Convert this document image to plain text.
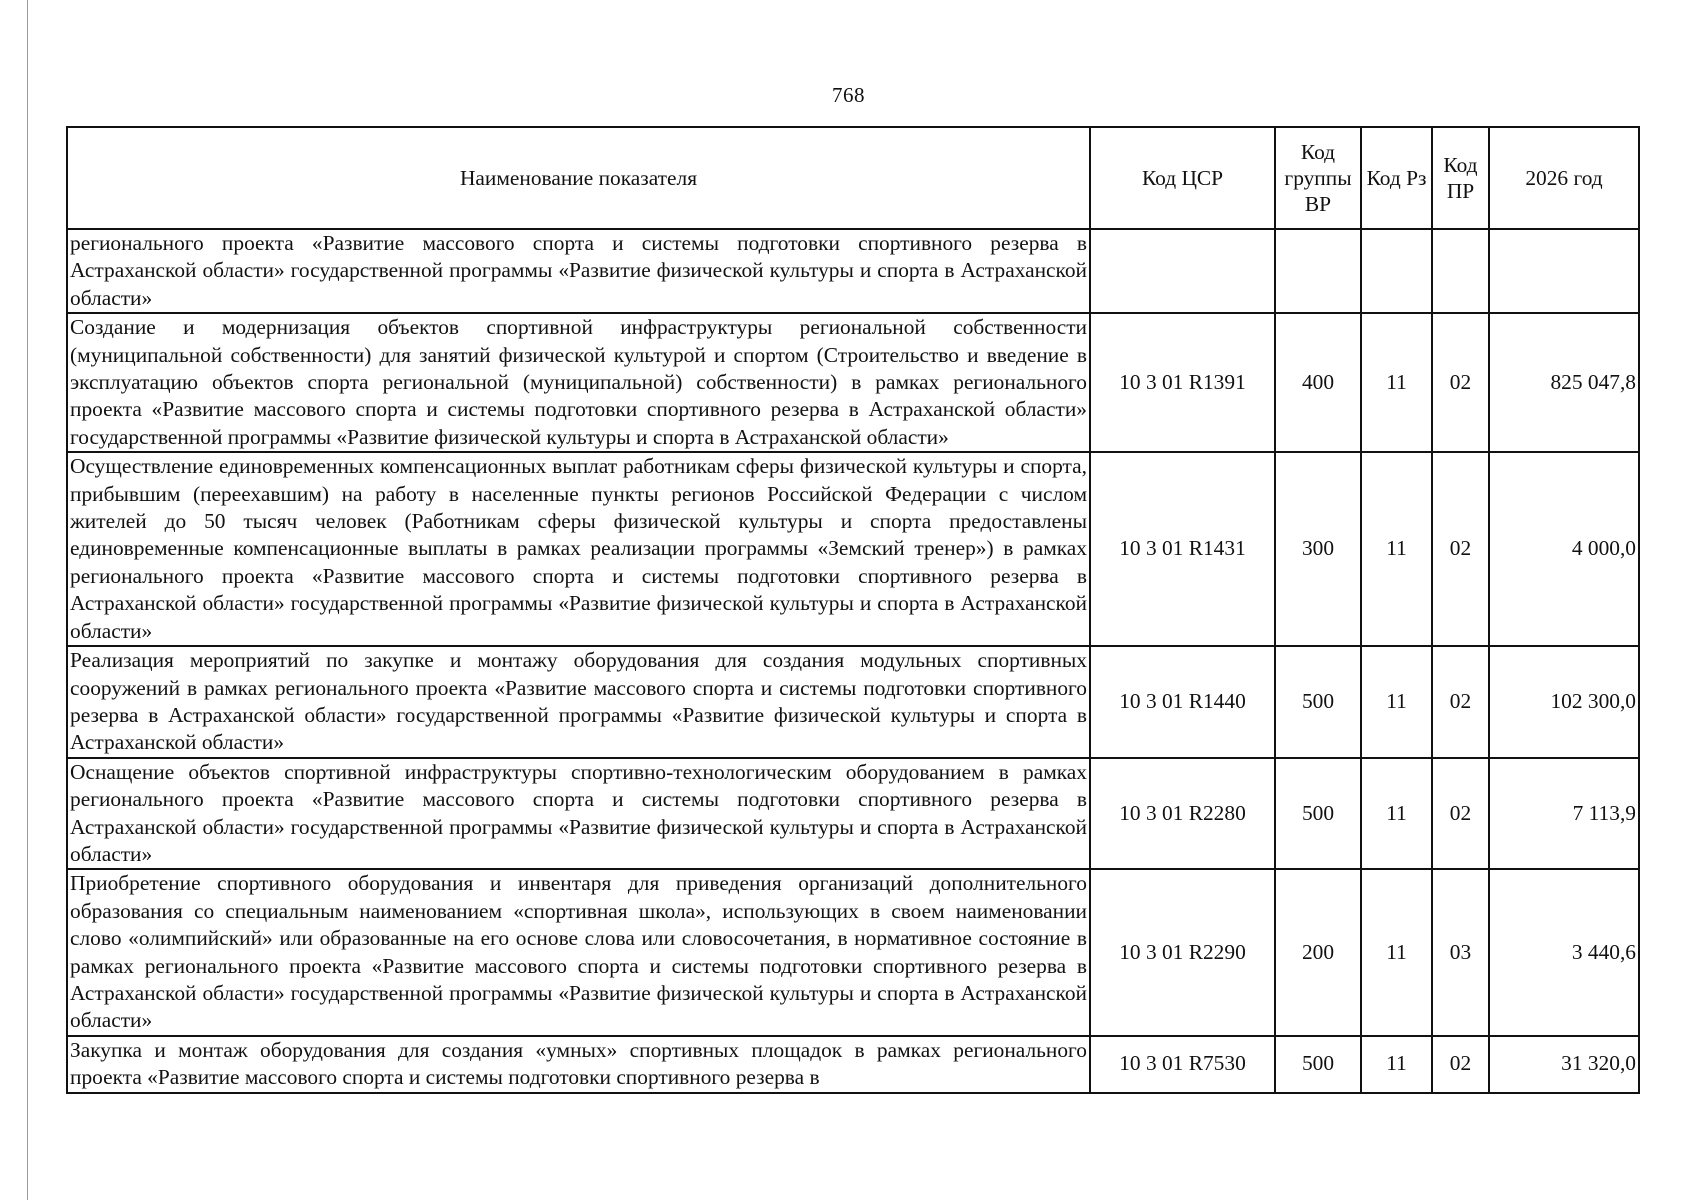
768
Наименование показателя	Код ЦСР	Код группы ВР	Код Рз	Код ПР	2026 год
регионального проекта «Развитие массового спорта и системы подготовки спортивного резерва в Астраханской области» государственной программы «Развитие физической культуры и спорта в Астраханской области»					
Создание и модернизация объектов спортивной инфраструктуры региональной собственности (муниципальной собственности) для занятий физической культурой и спортом (Строительство и введение в эксплуатацию объектов спорта региональной (муниципальной) собственности) в рамках регионального проекта «Развитие массового спорта и системы подготовки спортивного резерва в Астраханской области» государственной программы «Развитие физической культуры и спорта в Астраханской области»	10 3 01 R1391	400	11	02	825 047,8
Осуществление единовременных компенсационных выплат работникам сферы физической культуры и спорта, прибывшим (переехавшим) на работу в населенные пункты регионов Российской Федерации с числом жителей до 50 тысяч человек (Работникам сферы физической культуры и спорта предоставлены единовременные компенсационные выплаты в рамках реализации программы «Земский тренер») в рамках регионального проекта «Развитие массового спорта и системы подготовки спортивного резерва в Астраханской области» государственной программы «Развитие физической культуры и спорта в Астраханской области»	10 3 01 R1431	300	11	02	4 000,0
Реализация мероприятий по закупке и монтажу оборудования для создания модульных спортивных сооружений в рамках регионального проекта «Развитие массового спорта и системы подготовки спортивного резерва в Астраханской области» государственной программы «Развитие физической культуры и спорта в Астраханской области»	10 3 01 R1440	500	11	02	102 300,0
Оснащение объектов спортивной инфраструктуры спортивно-технологическим оборудованием в рамках регионального проекта «Развитие массового спорта и системы подготовки спортивного резерва в Астраханской области» государственной программы «Развитие физической культуры и спорта в Астраханской области»	10 3 01 R2280	500	11	02	7 113,9
Приобретение спортивного оборудования и инвентаря для приведения организаций дополнительного образования со специальным наименованием «спортивная школа», использующих в своем наименовании слово «олимпийский» или образованные на его основе слова или словосочетания, в нормативное состояние в рамках регионального проекта «Развитие массового спорта и системы подготовки спортивного резерва в Астраханской области» государственной программы «Развитие физической культуры и спорта в Астраханской области»	10 3 01 R2290	200	11	03	3 440,6
Закупка и монтаж оборудования для создания «умных» спортивных площадок в рамках регионального проекта «Развитие массового спорта и системы подготовки спортивного резерва в	10 3 01 R7530	500	11	02	31 320,0
